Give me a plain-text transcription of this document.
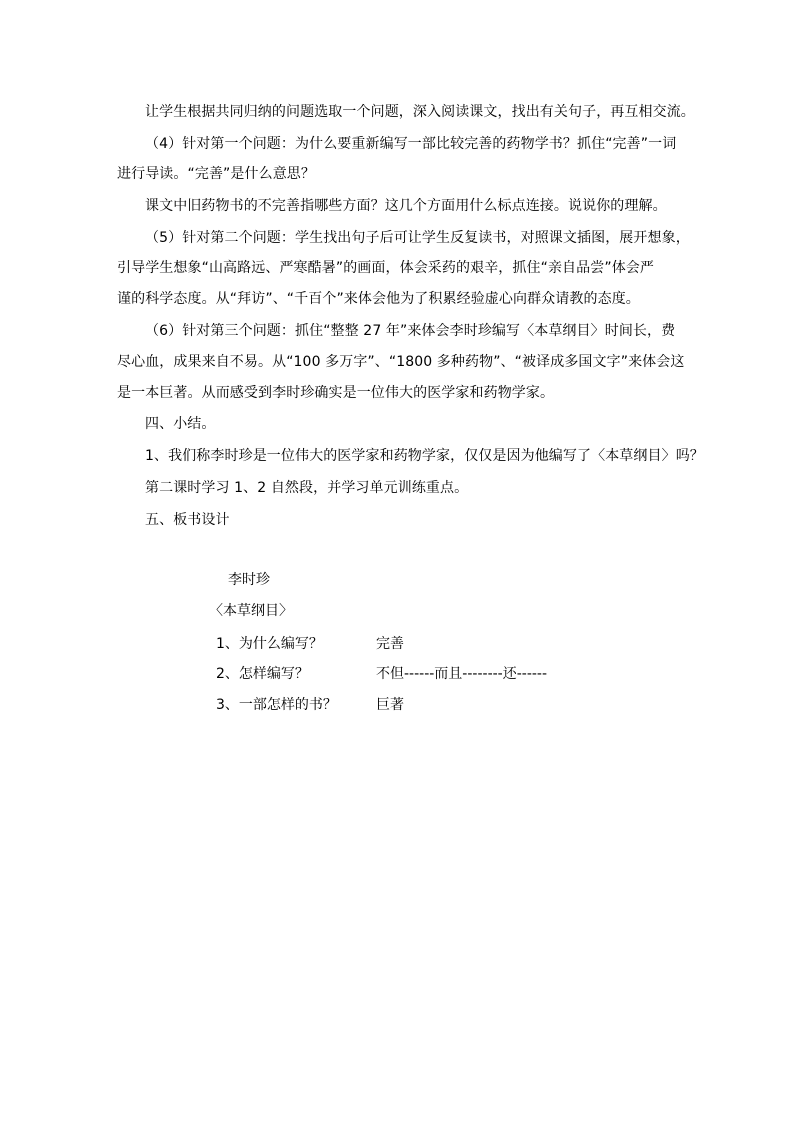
让学生根据共同归纳的问题选取一个问题，深入阅读课文，找出有关句子，再互相交流。
（4）针对第一个问题：为什么要重新编写一部比较完善的药物学书？抓住“完善”一词
进行导读。“完善”是什么意思？
课文中旧药物书的不完善指哪些方面？这几个方面用什么标点连接。说说你的理解。
（5）针对第二个问题：学生找出句子后可让学生反复读书，对照课文插图，展开想象，
引导学生想象“山高路远、严寒酷暑”的画面，体会采药的艰辛，抓住“亲自品尝”体会严
谨的科学态度。从“拜访”、“千百个”来体会他为了积累经验虚心向群众请教的态度。
（6）针对第三个问题：抓住“整整 27 年”来体会李时珍编写〈本草纲目〉时间长，费
尽心血，成果来自不易。从“100 多万字”、“1800 多种药物”、“被译成多国文字”来体会这
是一本巨著。从而感受到李时珍确实是一位伟大的医学家和药物学家。
四、小结。
1、我们称李时珍是一位伟大的医学家和药物学家，仅仅是因为他编写了〈本草纲目〉吗？
第二课时学习 1、2 自然段，并学习单元训练重点。
五、板书设计
李时珍
〈本草纲目〉
1、为什么编写？	完善
2、怎样编写？	不但------而且--------还------
3、一部怎样的书？	巨著
